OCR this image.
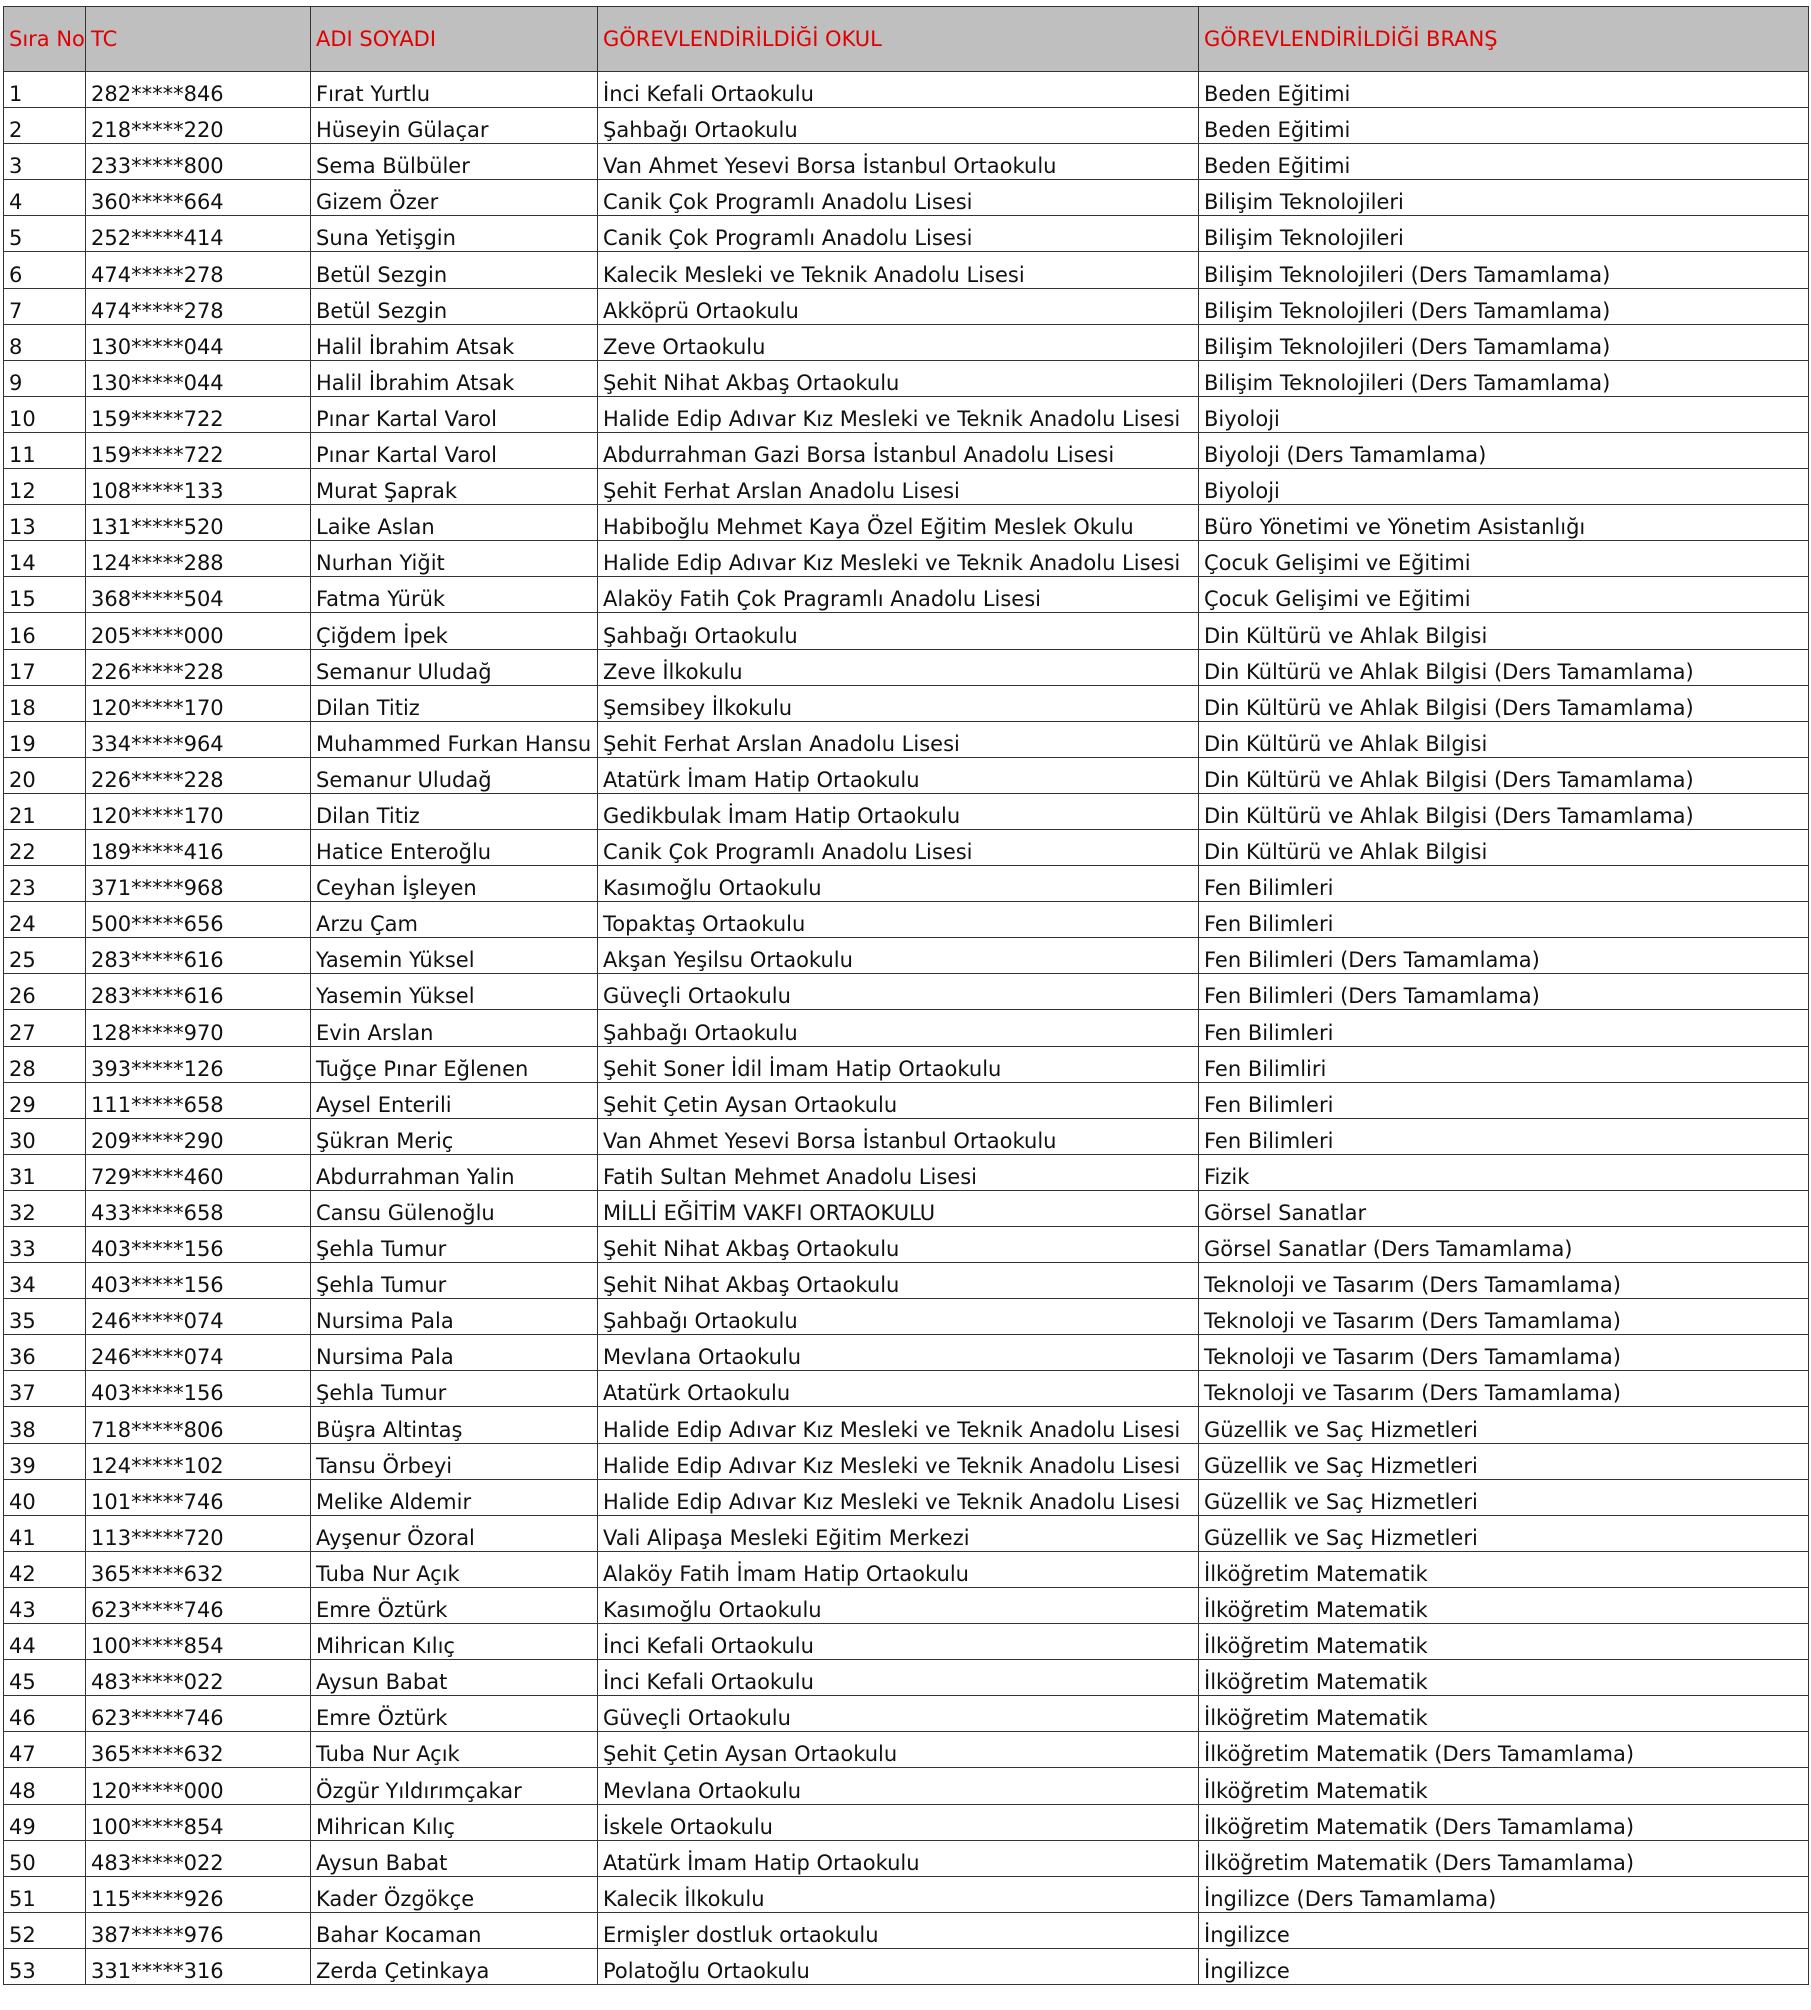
Sıra No	TC	ADI SOYADI	GÖREVLENDİRİLDİĞİ OKUL	GÖREVLENDİRİLDİĞİ BRANŞ
1	282*****846	Fırat Yurtlu	İnci Kefali Ortaokulu	Beden Eğitimi
2	218*****220	Hüseyin Gülaçar	Şahbağı Ortaokulu	Beden Eğitimi
3	233*****800	Sema Bülbüler	Van Ahmet Yesevi Borsa İstanbul Ortaokulu	Beden Eğitimi
4	360*****664	Gizem Özer	Canik Çok Programlı Anadolu Lisesi	Bilişim Teknolojileri
5	252*****414	Suna Yetişgin	Canik Çok Programlı Anadolu Lisesi	Bilişim Teknolojileri
6	474*****278	Betül Sezgin	Kalecik Mesleki ve Teknik Anadolu Lisesi	Bilişim Teknolojileri (Ders Tamamlama)
7	474*****278	Betül Sezgin	Akköprü Ortaokulu	Bilişim Teknolojileri (Ders Tamamlama)
8	130*****044	Halil İbrahim Atsak	Zeve Ortaokulu	Bilişim Teknolojileri (Ders Tamamlama)
9	130*****044	Halil İbrahim Atsak	Şehit Nihat Akbaş Ortaokulu	Bilişim Teknolojileri (Ders Tamamlama)
10	159*****722	Pınar Kartal Varol	Halide Edip Adıvar Kız Mesleki ve Teknik Anadolu Lisesi	Biyoloji
11	159*****722	Pınar Kartal Varol	Abdurrahman Gazi Borsa İstanbul Anadolu Lisesi	Biyoloji (Ders Tamamlama)
12	108*****133	Murat Şaprak	Şehit Ferhat Arslan Anadolu Lisesi	Biyoloji
13	131*****520	Laike Aslan	Habiboğlu Mehmet Kaya Özel Eğitim Meslek Okulu	Büro Yönetimi ve Yönetim Asistanlığı
14	124*****288	Nurhan Yiğit	Halide Edip Adıvar Kız Mesleki ve Teknik Anadolu Lisesi	Çocuk Gelişimi ve Eğitimi
15	368*****504	Fatma Yürük	Alaköy Fatih Çok Pragramlı Anadolu Lisesi	Çocuk Gelişimi ve Eğitimi
16	205*****000	Çiğdem İpek	Şahbağı Ortaokulu	Din Kültürü ve Ahlak Bilgisi
17	226*****228	Semanur Uludağ	Zeve İlkokulu	Din Kültürü ve Ahlak Bilgisi (Ders Tamamlama)
18	120*****170	Dilan Titiz	Şemsibey İlkokulu	Din Kültürü ve Ahlak Bilgisi (Ders Tamamlama)
19	334*****964	Muhammed Furkan Hansu	Şehit Ferhat Arslan Anadolu Lisesi	Din Kültürü ve Ahlak Bilgisi
20	226*****228	Semanur Uludağ	Atatürk İmam Hatip Ortaokulu	Din Kültürü ve Ahlak Bilgisi (Ders Tamamlama)
21	120*****170	Dilan Titiz	Gedikbulak İmam Hatip Ortaokulu	Din Kültürü ve Ahlak Bilgisi (Ders Tamamlama)
22	189*****416	Hatice Enteroğlu	Canik Çok Programlı Anadolu Lisesi	Din Kültürü ve Ahlak Bilgisi
23	371*****968	Ceyhan İşleyen	Kasımoğlu Ortaokulu	Fen Bilimleri
24	500*****656	Arzu Çam	Topaktaş Ortaokulu	Fen Bilimleri
25	283*****616	Yasemin Yüksel	Akşan Yeşilsu Ortaokulu	Fen Bilimleri (Ders Tamamlama)
26	283*****616	Yasemin Yüksel	Güveçli Ortaokulu	Fen Bilimleri (Ders Tamamlama)
27	128*****970	Evin Arslan	Şahbağı Ortaokulu	Fen Bilimleri
28	393*****126	Tuğçe Pınar Eğlenen	Şehit Soner İdil İmam Hatip Ortaokulu	Fen Bilimliri
29	111*****658	Aysel Enterili	Şehit Çetin Aysan Ortaokulu	Fen Bilimleri
30	209*****290	Şükran Meriç	Van Ahmet Yesevi Borsa İstanbul Ortaokulu	Fen Bilimleri
31	729*****460	Abdurrahman Yalin	Fatih Sultan Mehmet Anadolu Lisesi	Fizik
32	433*****658	Cansu Gülenoğlu	MİLLİ EĞİTİM VAKFI ORTAOKULU	Görsel Sanatlar
33	403*****156	Şehla Tumur	Şehit Nihat Akbaş Ortaokulu	Görsel Sanatlar (Ders Tamamlama)
34	403*****156	Şehla Tumur	Şehit Nihat Akbaş Ortaokulu	Teknoloji ve Tasarım (Ders Tamamlama)
35	246*****074	Nursima Pala	Şahbağı Ortaokulu	Teknoloji ve Tasarım (Ders Tamamlama)
36	246*****074	Nursima Pala	Mevlana Ortaokulu	Teknoloji ve Tasarım (Ders Tamamlama)
37	403*****156	Şehla Tumur	Atatürk Ortaokulu	Teknoloji ve Tasarım (Ders Tamamlama)
38	718*****806	Büşra Altintaş	Halide Edip Adıvar Kız Mesleki ve Teknik Anadolu Lisesi	Güzellik ve Saç Hizmetleri
39	124*****102	Tansu Örbeyi	Halide Edip Adıvar Kız Mesleki ve Teknik Anadolu Lisesi	Güzellik ve Saç Hizmetleri
40	101*****746	Melike Aldemir	Halide Edip Adıvar Kız Mesleki ve Teknik Anadolu Lisesi	Güzellik ve Saç Hizmetleri
41	113*****720	Ayşenur Özoral	Vali Alipaşa Mesleki Eğitim Merkezi	Güzellik ve Saç Hizmetleri
42	365*****632	Tuba Nur Açık	Alaköy Fatih İmam Hatip Ortaokulu	İlköğretim Matematik
43	623*****746	Emre Öztürk	Kasımoğlu Ortaokulu	İlköğretim Matematik
44	100*****854	Mihrican Kılıç	İnci Kefali Ortaokulu	İlköğretim Matematik
45	483*****022	Aysun Babat	İnci Kefali Ortaokulu	İlköğretim Matematik
46	623*****746	Emre Öztürk	Güveçli Ortaokulu	İlköğretim Matematik
47	365*****632	Tuba Nur Açık	Şehit Çetin Aysan Ortaokulu	İlköğretim Matematik (Ders Tamamlama)
48	120*****000	Özgür Yıldırımçakar	Mevlana Ortaokulu	İlköğretim Matematik
49	100*****854	Mihrican Kılıç	İskele Ortaokulu	İlköğretim Matematik (Ders Tamamlama)
50	483*****022	Aysun Babat	Atatürk İmam Hatip Ortaokulu	İlköğretim Matematik (Ders Tamamlama)
51	115*****926	Kader Özgökçe	Kalecik İlkokulu	İngilizce (Ders Tamamlama)
52	387*****976	Bahar Kocaman	Ermişler dostluk ortaokulu	İngilizce
53	331*****316	Zerda Çetinkaya	Polatoğlu Ortaokulu	İngilizce
